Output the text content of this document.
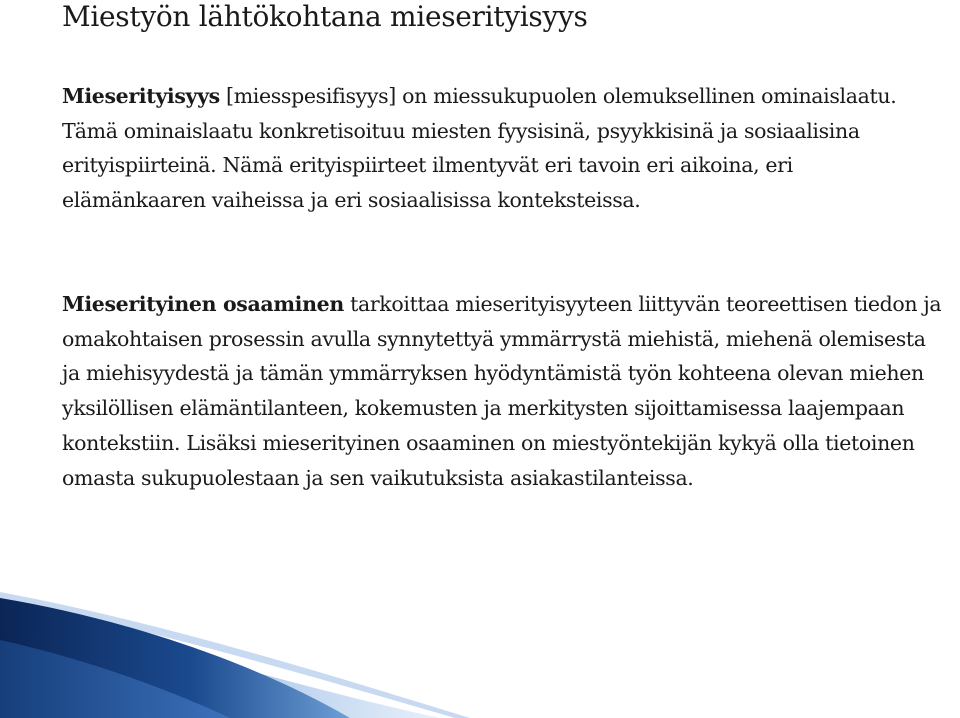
Miestyön lähtökohtana mieserityisyys

Mieserityisyys [miesspesifisyys] on miessukupuolen olemuksellinen ominaislaatu. Tämä ominaislaatu konkretisoituu miesten fyysisinä, psyykkisinä ja sosiaalisina erityispiirteinä. Nämä erityispiirteet ilmentyvät eri tavoin eri aikoina, eri elämänkaaren vaiheissa ja eri sosiaalisissa konteksteissa.

Mieserityinen osaaminen tarkoittaa mieserityisyyteen liittyvän teoreettisen tiedon ja omakohtaisen prosessin avulla synnytettyä ymmärrystä miehistä, miehenä olemisesta ja miehisyydestä ja tämän ymmärryksen hyödyntämistä työn kohteena olevan miehen yksilöllisen elämäntilanteen, kokemusten ja merkitysten sijoittamisessa laajempaan kontekstiin. Lisäksi mieserityinen osaaminen on miestyöntekijän kykyä olla tietoinen omasta sukupuolestaan ja sen vaikutuksista asiakastilanteissa.
